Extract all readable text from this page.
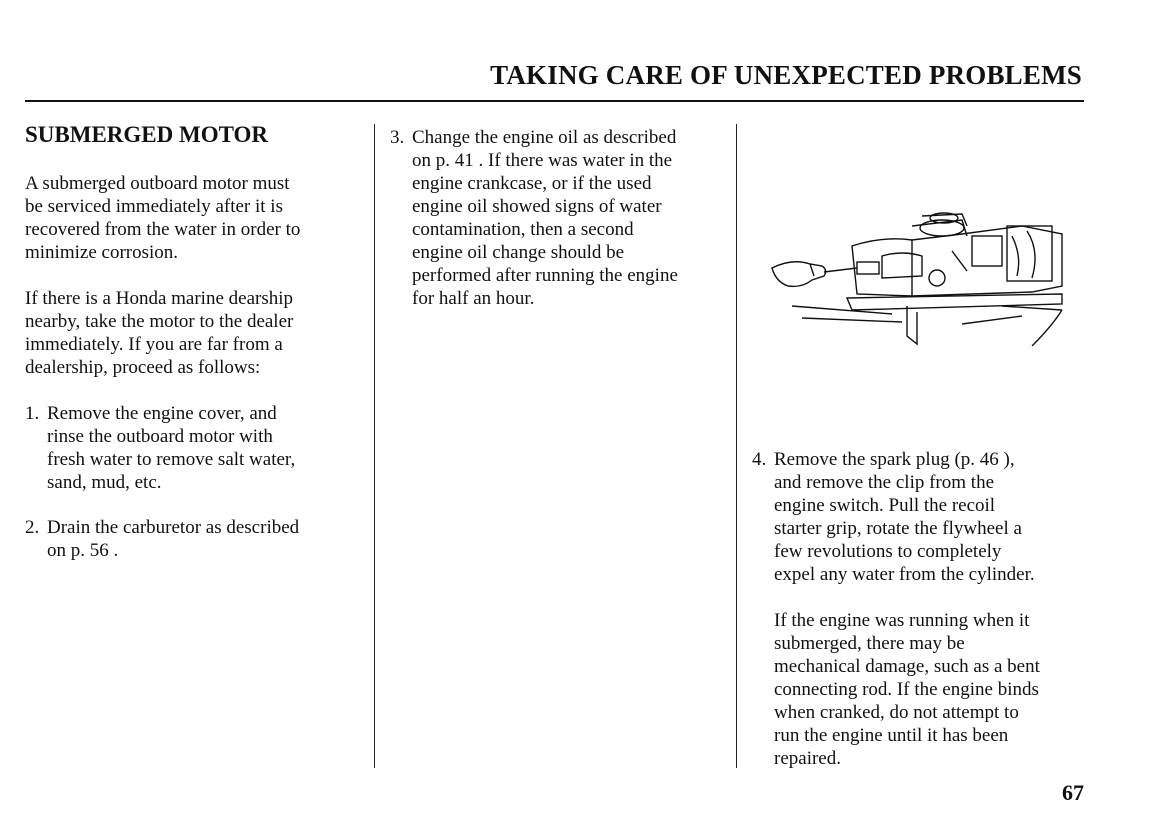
TAKING CARE OF UNEXPECTED PROBLEMS
SUBMERGED MOTOR

A submerged outboard motor must
be serviced immediately after it is
recovered from the water in order to
minimize corrosion.

If there is a Honda marine dearship
nearby, take the motor to the dealer
immediately. If you are far from a
dealership, proceed as follows:

1. Remove the engine cover, and
rinse the outboard motor with
fresh water to remove salt water,
sand, mud, etc.
2. Drain the carburetor as described
on p. 56 .
3. Change the engine oil as described
on p. 41 . If there was water in the
engine crankcase, or if the used
engine oil showed signs of water
contamination, then a second
engine oil change should be
performed after running the engine
for half an hour.
4. Remove the spark plug (p. 46 ),
and remove the clip from the
engine switch. Pull the recoil
starter grip, rotate the flywheel a
few revolutions to completely
expel any water from the cylinder.

If the engine was running when it
submerged, there may be
mechanical damage, such as a bent
connecting rod. If the engine binds
when cranked, do not attempt to
run the engine until it has been
repaired.

67
